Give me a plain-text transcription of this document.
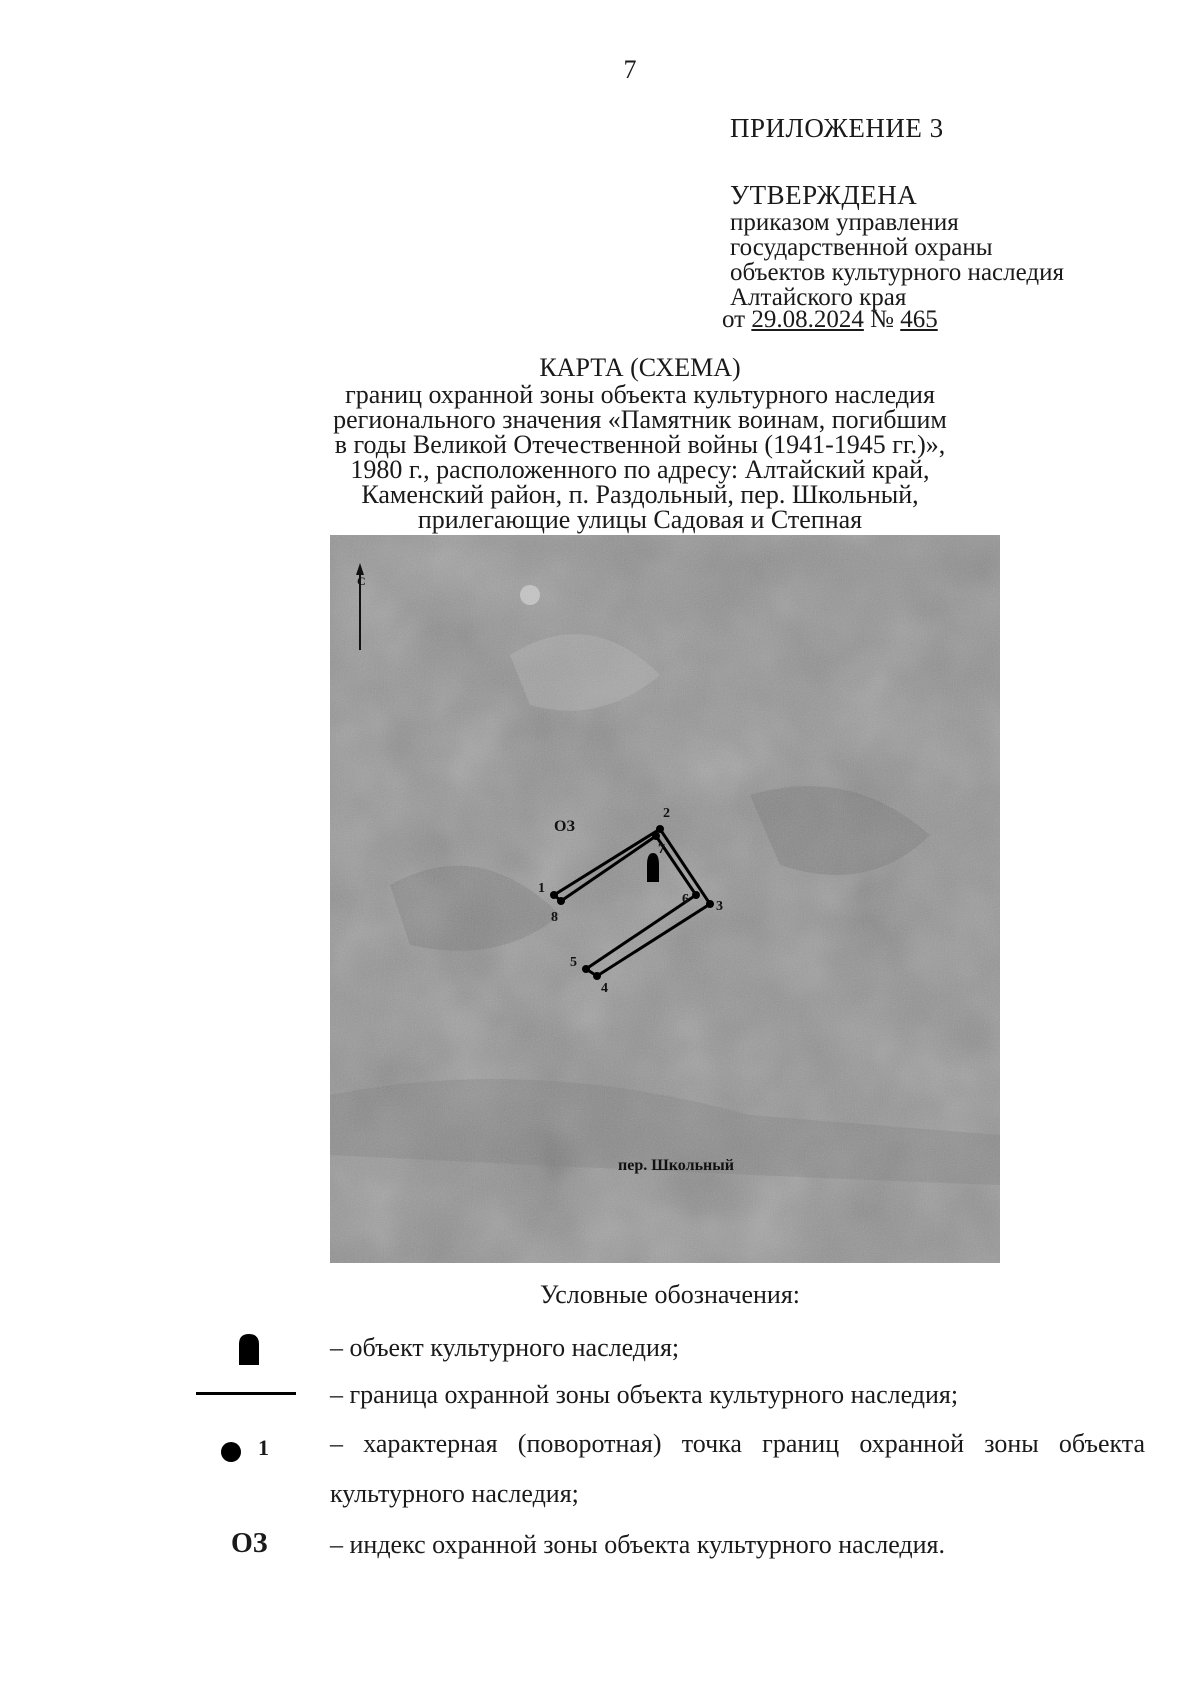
7
ПРИЛОЖЕНИЕ 3
УТВЕРЖДЕНА
приказом управления
государственной охраны
объектов культурного наследия
Алтайского края
от 29.08.2024 № 465
КАРТА (СХЕМА)
границ охранной зоны объекта культурного наследия
регионального значения «Памятник воинам, погибшим
в годы Великой Отечественной войны (1941-1945 гг.)»,
1980 г., расположенного по адресу: Алтайский край,
Каменский район, п. Раздольный, пер. Школьный,
прилегающие улицы Садовая и Степная
С
1
2
3
4
5
6
7
8
ОЗ
пер. Школьный
Условные обозначения:
– объект культурного наследия;
– граница охранной зоны объекта культурного наследия;
1 – характерная (поворотная) точка границ охранной зоны объекта
культурного наследия;
ОЗ – индекс охранной зоны объекта культурного наследия.
